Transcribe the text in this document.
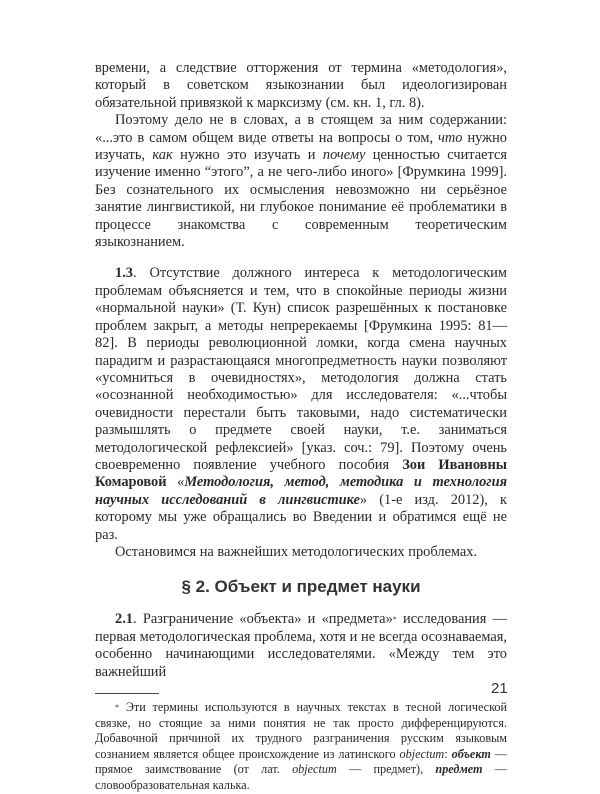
времени, а следствие отторжения от термина «методология», который в советском языкознании был идеологизирован обязательной привязкой к марксизму (см. кн. 1, гл. 8).

Поэтому дело не в словах, а в стоящем за ним содержании: «...это в самом общем виде ответы на вопросы о том, что нужно изучать, как нужно это изучать и почему ценностью считается изучение именно “этого”, а не чего-либо иного» [Фрумкина 1999]. Без сознательного их осмысления невозможно ни серьёзное занятие лингвистикой, ни глубокое понимание её проблематики в процессе знакомства с современным теоретическим языкознанием.

1.3. Отсутствие должного интереса к методологическим проблемам объясняется и тем, что в спокойные периоды жизни «нормальной науки» (Т. Кун) список разрешённых к постановке проблем закрыт, а методы непререкаемы [Фрумкина 1995: 81—82]. В периоды революционной ломки, когда смена научных парадигм и разрастающаяся многопредметность науки позволяют «усомниться в очевидностях», методология должна стать «осознанной необходимостью» для исследователя: «...чтобы очевидности перестали быть таковыми, надо систематически размышлять о предмете своей науки, т.е. заниматься методологической рефлексией» [указ. соч.: 79]. Поэтому очень своевременно появление учебного пособия Зои Ивановны Комаровой «Методология, метод, методика и технология научных исследований в лингвистике» (1-е изд. 2012), к которому мы уже обращались во Введении и обратимся ещё не раз.

Остановимся на важнейших методологических проблемах.

§ 2. Объект и предмет науки

2.1. Разграничение «объекта» и «предмета»* исследования — первая методологическая проблема, хотя и не всегда осознаваемая, особенно начинающими исследователями. «Между тем это важнейший

* Эти термины используются в научных текстах в тесной логической связке, но стоящие за ними понятия не так просто дифференцируются. Добавочной причиной их трудного разграничения русским языковым сознанием является общее происхождение из латинского objectum: объект — прямое заимствование (от лат. objectum — предмет), предмет — словообразовательная калька.

21
